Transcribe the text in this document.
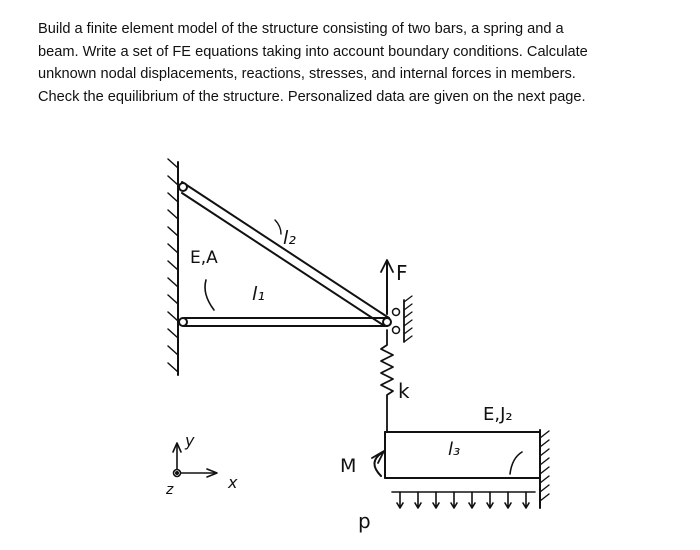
Build a finite element model of the structure consisting of two bars, a spring and a
beam. Write a set of FE equations taking into account boundary conditions. Calculate
unknown nodal displacements, reactions, stresses, and internal forces in members.
Check the equilibrium of the structure. Personalized data are given on the next page.

E,A
l₁
l₂
F
k
E,J₂
l₃
M
p
y
x
z
